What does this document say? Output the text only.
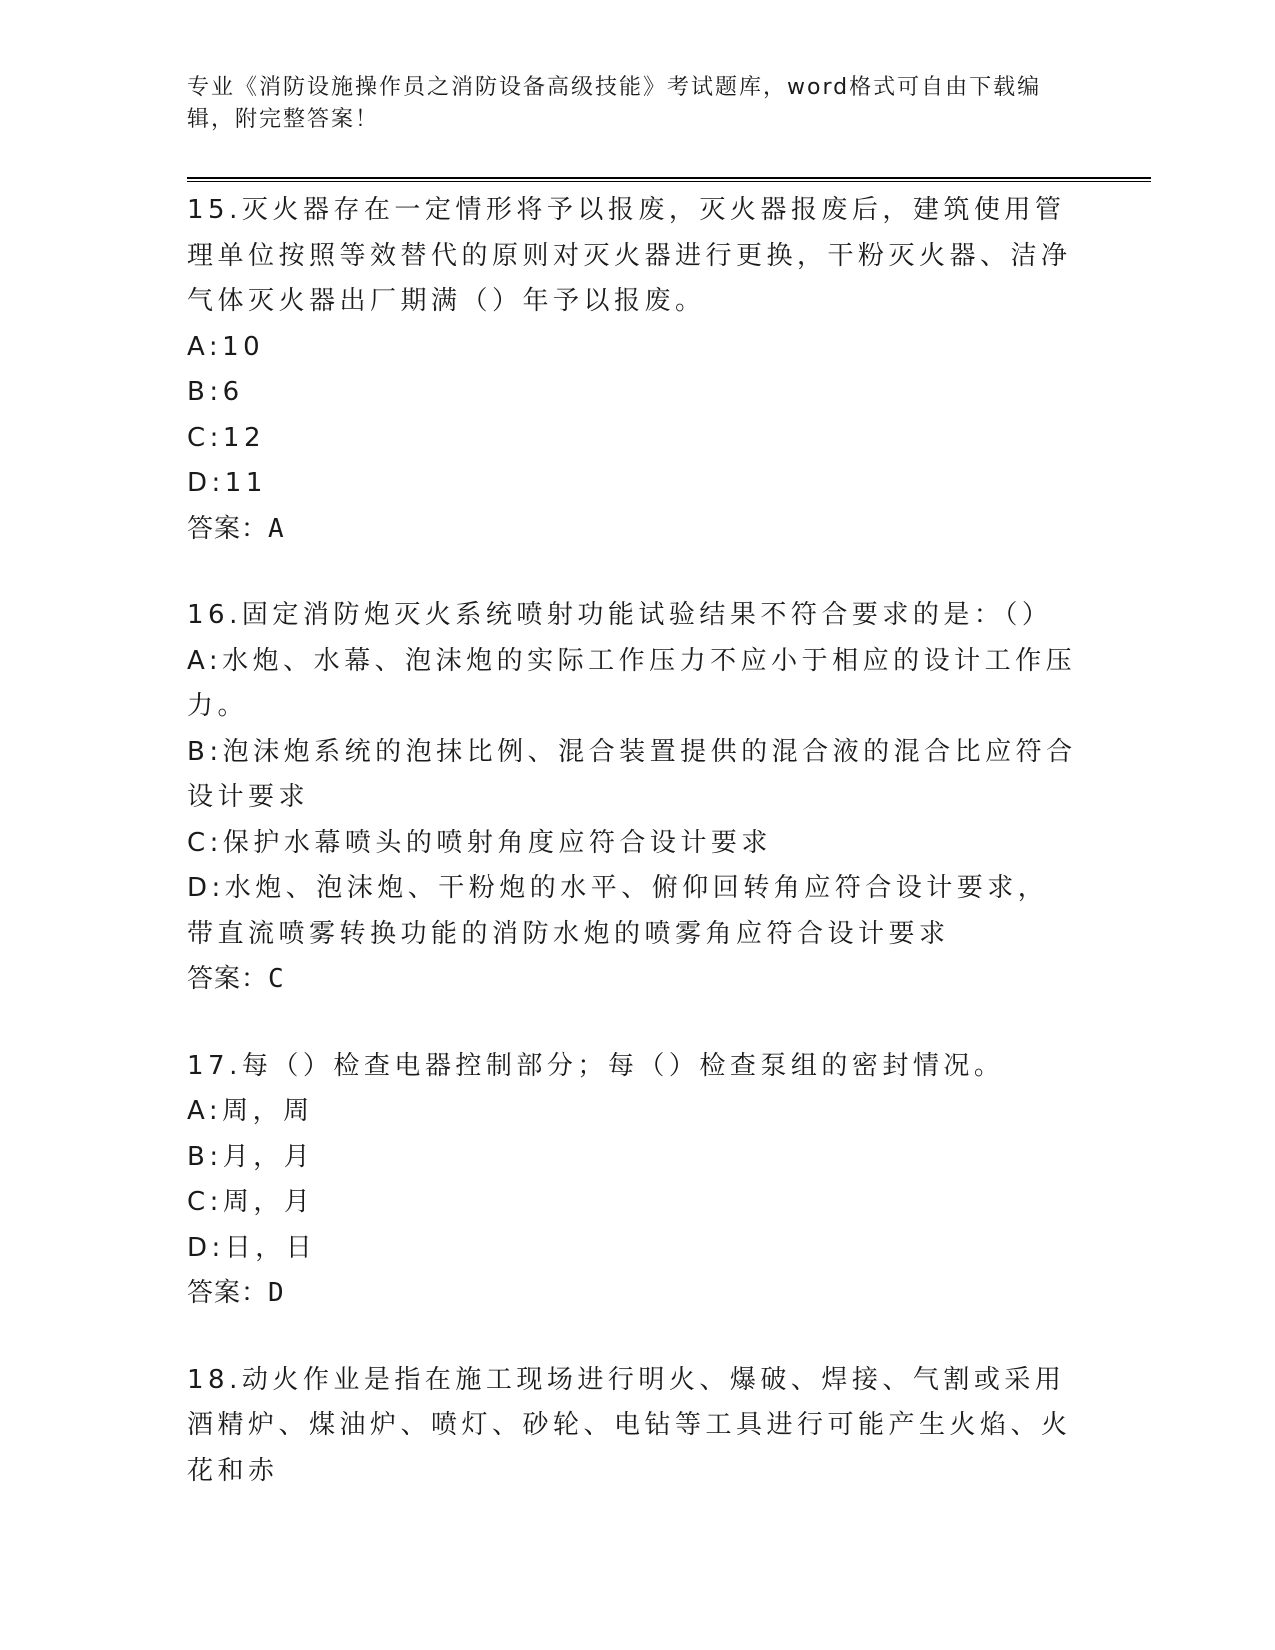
专业《消防设施操作员之消防设备高级技能》考试题库，word格式可自由下载编辑，附完整答案！
15.灭火器存在一定情形将予以报废，灭火器报废后，建筑使用管理单位按照等效替代的原则对灭火器进行更换，干粉灭火器、洁净气体灭火器出厂期满（）年予以报废。
A:10
B:6
C:12
D:11
答案：A
16.固定消防炮灭火系统喷射功能试验结果不符合要求的是：（）
A:水炮、水幕、泡沫炮的实际工作压力不应小于相应的设计工作压力。
B:泡沫炮系统的泡抹比例、混合装置提供的混合液的混合比应符合设计要求
C:保护水幕喷头的喷射角度应符合设计要求
D:水炮、泡沫炮、干粉炮的水平、俯仰回转角应符合设计要求，带直流喷雾转换功能的消防水炮的喷雾角应符合设计要求
答案：C
17.每（）检查电器控制部分；每（）检查泵组的密封情况。
A:周，周
B:月，月
C:周，月
D:日，日
答案：D
18.动火作业是指在施工现场进行明火、爆破、焊接、气割或采用酒精炉、煤油炉、喷灯、砂轮、电钻等工具进行可能产生火焰、火花和赤
